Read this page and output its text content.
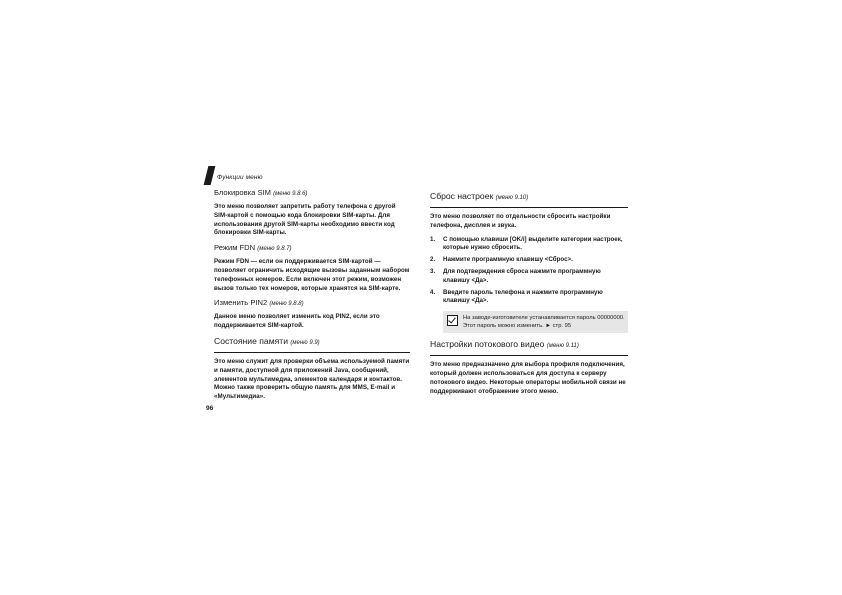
Функции меню
Блокировка SIM (меню 9.8.6)
Это меню позволяет запретить работу телефона с другой SIM-картой с помощью кода блокировки SIM-карты. Для использования другой SIM-карты необходимо ввести код блокировки SIM-карты.
Режим FDN (меню 9.8.7)
Режим FDN — если он поддерживается SIM-картой — позволяет ограничить исходящие вызовы заданным набором телефонных номеров. Если включен этот режим, возможен вызов только тех номеров, которые хранятся на SIM-карте.
Изменить PIN2 (меню 9.8.8)
Данное меню позволяет изменить код PIN2, если это поддерживается SIM-картой.
Состояние памяти (меню 9.9)
Это меню служит для проверки объема используемой памяти и памяти, доступной для приложений Java, сообщений, элементов мультимедиа, элементов календаря и контактов. Можно также проверить общую память для MMS, E-mail и «Мультимедиа».
96
Сброс настроек (меню 9.10)
Это меню позволяет по отдельности сбросить настройки телефона, дисплея и звука.
1.	С помощью клавиши [OK/i] выделите категории настроек, которые нужно сбросить.
2.	Нажмите программную клавишу <Сброс>.
3.	Для подтверждения сброса нажмите программную клавишу <Да>.
4.	Введите пароль телефона и нажмите программную клавишу <Да>.
На заводе-изготовителе устанавливается пароль 00000000. Этот пароль можно изменить. ► стр. 95
Настройки потокового видео (меню 9.11)
Это меню предназначено для выбора профиля подключения, который должен использоваться для доступа к серверу потокового видео. Некоторые операторы мобильной связи не поддерживают отображение этого меню.
